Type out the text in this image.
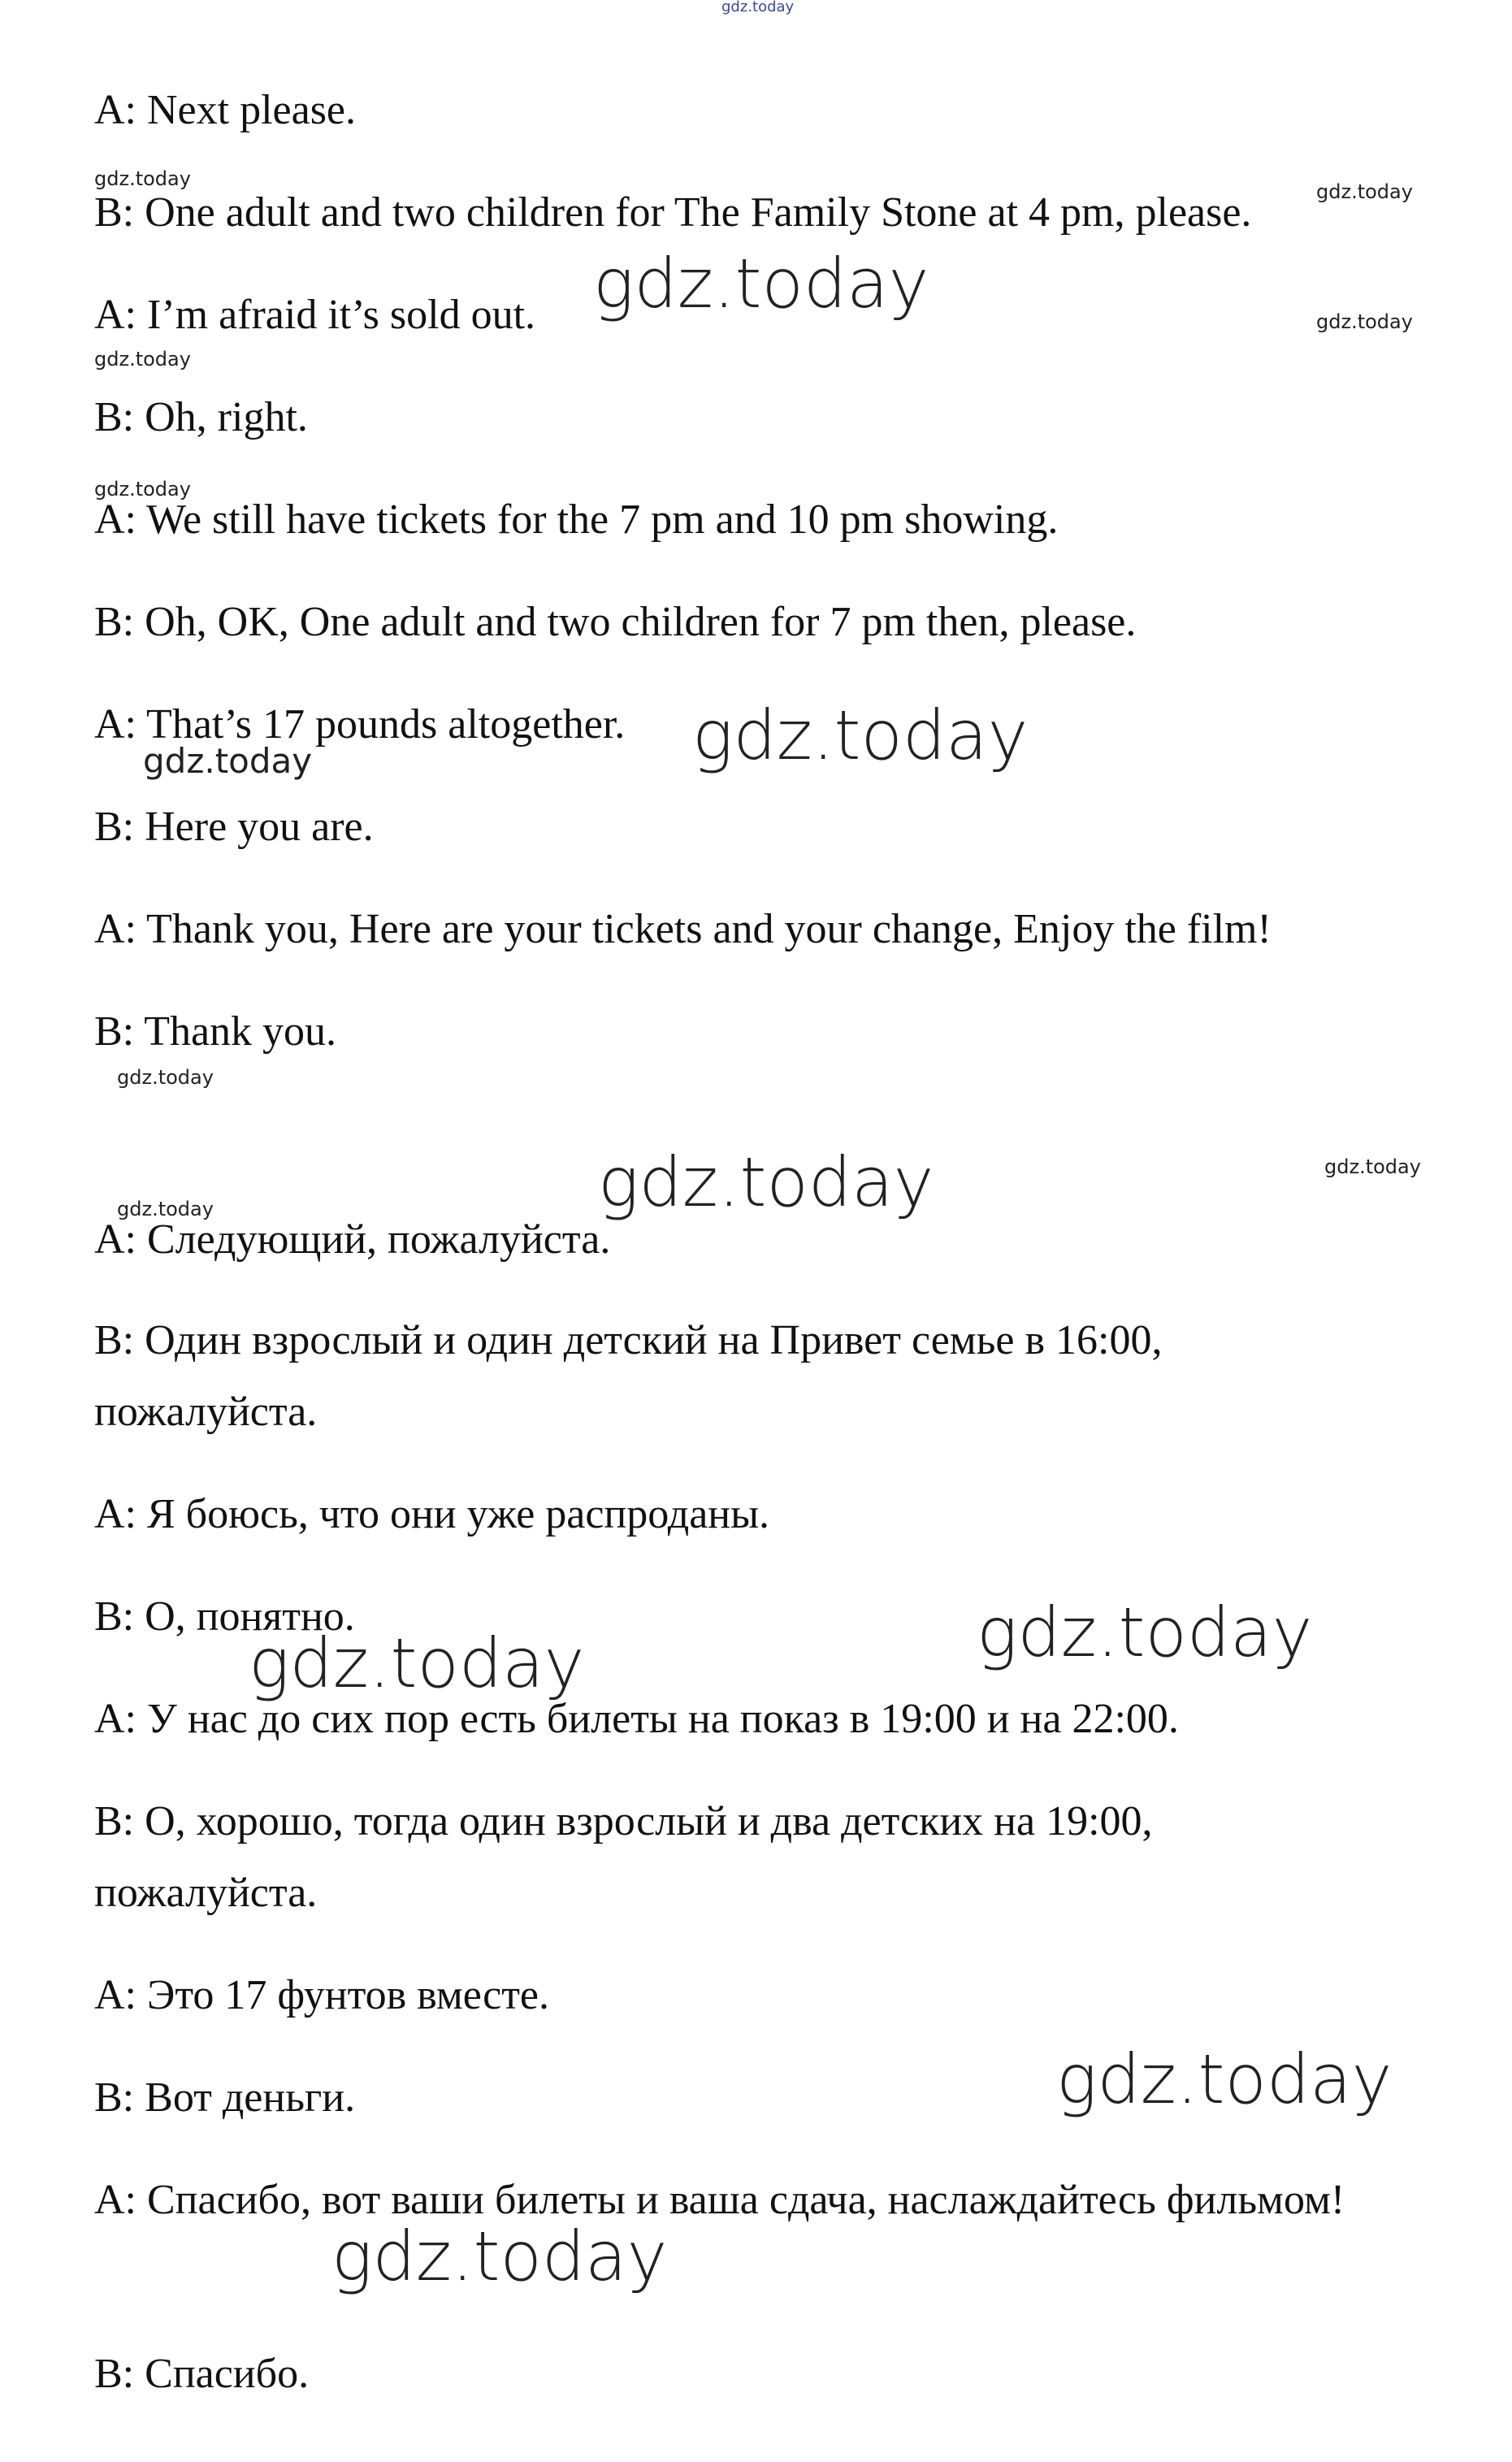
gdz.today

A: Next please.

B: One adult and two children for The Family Stone at 4 pm, please.

A: I’m afraid it’s sold out.

B: Oh, right.

A: We still have tickets for the 7 pm and 10 pm showing.

B: Oh, OK, One adult and two children for 7 pm then, please.

A: That’s 17 pounds altogether.

B: Here you are.

A: Thank you, Here are your tickets and your change, Enjoy the film!

B: Thank you.

A: Следующий, пожалуйста.

B: Один взрослый и один детский на Привет семье в 16:00, пожалуйста.

A: Я боюсь, что они уже распроданы.

B: О, понятно.

A: У нас до сих пор есть билеты на показ в 19:00 и на 22:00.

B: О, хорошо, тогда один взрослый и два детских на 19:00, пожалуйста.

A: Это 17 фунтов вместе.

B: Вот деньги.

A: Спасибо, вот ваши билеты и ваша сдача, наслаждайтесь фильмом!

B: Спасибо.

gdz.today
gdz.today
gdz.today
gdz.today
gdz.today
gdz.today
gdz.today
gdz.today
gdz.today
gdz.today
gdz.today
gdz.today
gdz.today
gdz.today
gdz.today
gdz.today
